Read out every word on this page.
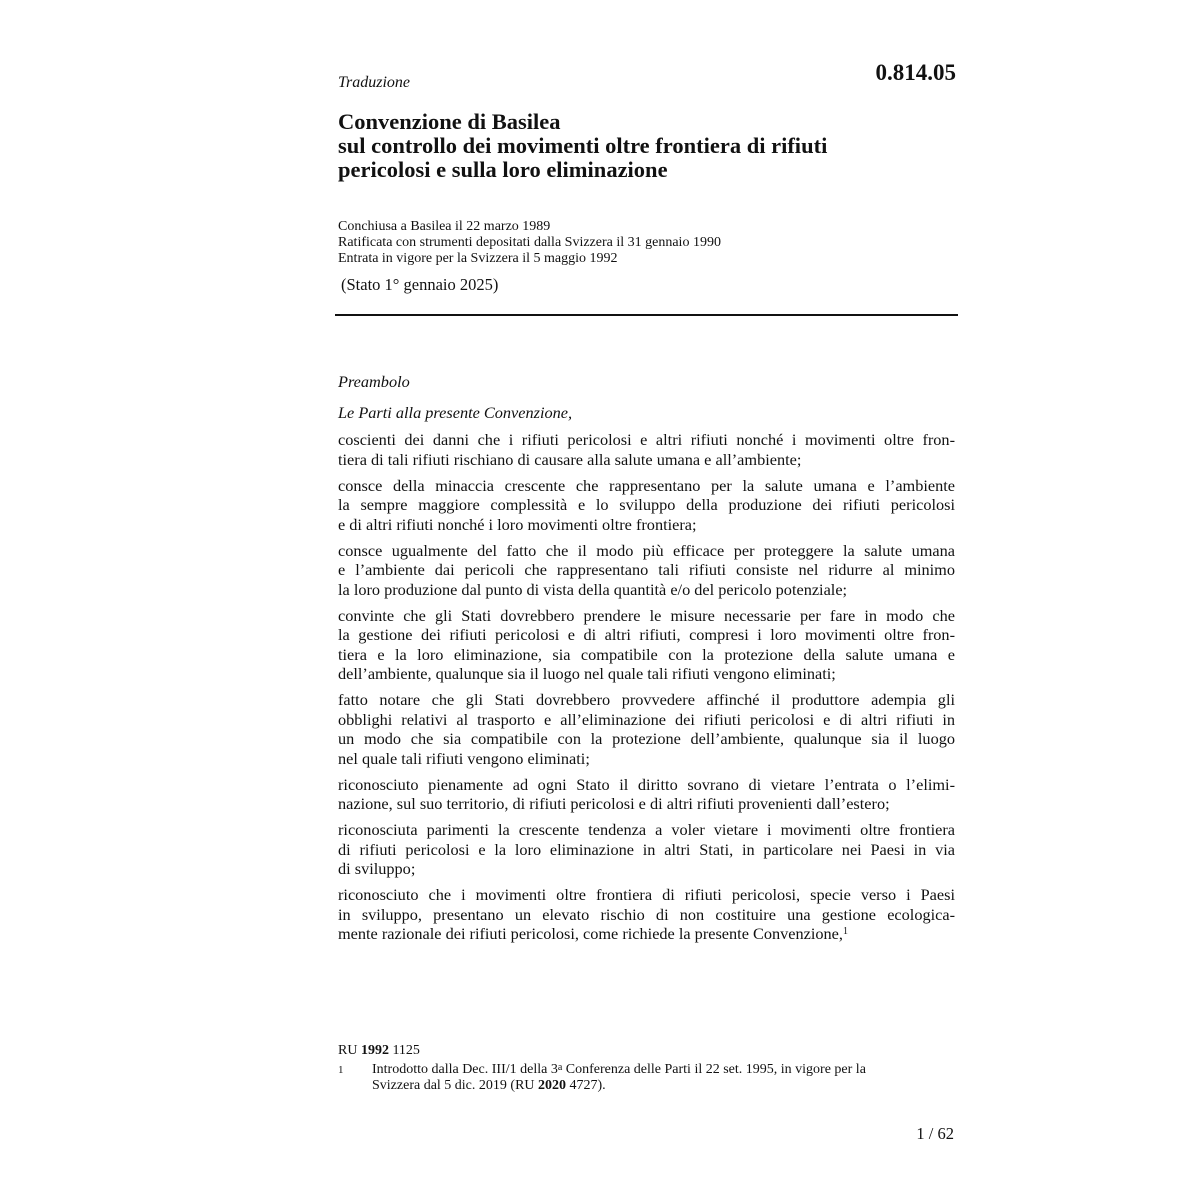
0.814.05
Traduzione
Convenzione di Basilea
sul controllo dei movimenti oltre frontiera di rifiuti
pericolosi e sulla loro eliminazione
Conchiusa a Basilea il 22 marzo 1989
Ratificata con strumenti depositati dalla Svizzera il 31 gennaio 1990
Entrata in vigore per la Svizzera il 5 maggio 1992
(Stato 1° gennaio 2025)
Preambolo
Le Parti alla presente Convenzione,
coscienti dei danni che i rifiuti pericolosi e altri rifiuti nonché i movimenti oltre fron-
tiera di tali rifiuti rischiano di causare alla salute umana e all’ambiente;
consce della minaccia crescente che rappresentano per la salute umana e l’ambiente
la sempre maggiore complessità e lo sviluppo della produzione dei rifiuti pericolosi
e di altri rifiuti nonché i loro movimenti oltre frontiera;
consce ugualmente del fatto che il modo più efficace per proteggere la salute umana
e l’ambiente dai pericoli che rappresentano tali rifiuti consiste nel ridurre al minimo
la loro produzione dal punto di vista della quantità e/o del pericolo potenziale;
convinte che gli Stati dovrebbero prendere le misure necessarie per fare in modo che
la gestione dei rifiuti pericolosi e di altri rifiuti, compresi i loro movimenti oltre fron-
tiera e la loro eliminazione, sia compatibile con la protezione della salute umana e
dell’ambiente, qualunque sia il luogo nel quale tali rifiuti vengono eliminati;
fatto notare che gli Stati dovrebbero provvedere affinché il produttore adempia gli
obblighi relativi al trasporto e all’eliminazione dei rifiuti pericolosi e di altri rifiuti in
un modo che sia compatibile con la protezione dell’ambiente, qualunque sia il luogo
nel quale tali rifiuti vengono eliminati;
riconosciuto pienamente ad ogni Stato il diritto sovrano di vietare l’entrata o l’elimi-
nazione, sul suo territorio, di rifiuti pericolosi e di altri rifiuti provenienti dall’estero;
riconosciuta parimenti la crescente tendenza a voler vietare i movimenti oltre frontiera
di rifiuti pericolosi e la loro eliminazione in altri Stati, in particolare nei Paesi in via
di sviluppo;
riconosciuto che i movimenti oltre frontiera di rifiuti pericolosi, specie verso i Paesi
in sviluppo, presentano un elevato rischio di non costituire una gestione ecologica-
mente razionale dei rifiuti pericolosi, come richiede la presente Convenzione,$^1$
RU 1992 1125
1	Introdotto dalla Dec. III/1 della 3$^a$ Conferenza delle Parti il 22 set. 1995, in vigore per la
Svizzera dal 5 dic. 2019 (RU 2020 4727).
1 / 62
